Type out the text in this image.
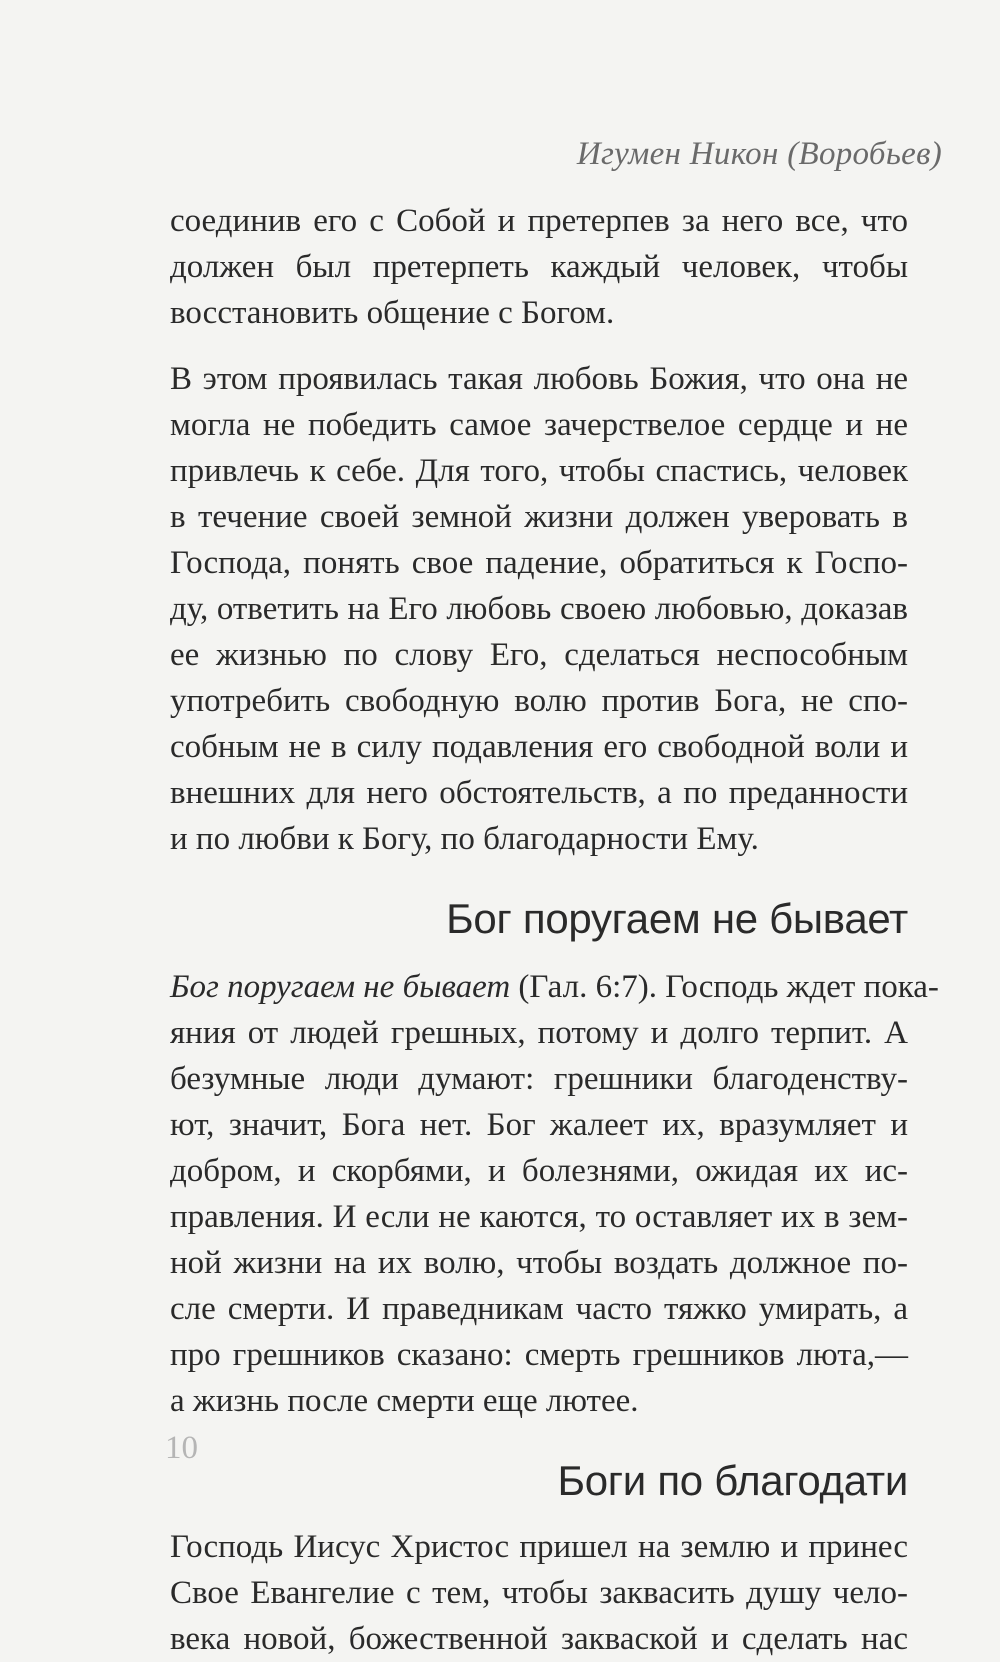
Игумен Никон (Воробьев)

соединив его с Собой и претерпев за него все, что
должен был претерпеть каждый человек, чтобы
восстановить общение с Богом.

В этом проявилась такая любовь Божия, что она не
могла не победить самое зачерствелое сердце и не
привлечь к себе. Для того, чтобы спастись, человек
в течение своей земной жизни должен уверовать в
Господа, понять свое падение, обратиться к Госпо-
ду, ответить на Его любовь своею любовью, доказав
ее жизнью по слову Его, сделаться неспособным
употребить свободную волю против Бога, не спо-
собным не в силу подавления его свободной воли и
внешних для него обстоятельств, а по преданности
и по любви к Богу, по благодарности Ему.

Бог поругаем не бывает

Бог поругаем не бывает (Гал. 6:7). Господь ждет пока-
яния от людей грешных, потому и долго терпит. А
безумные люди думают: грешники благоденству-
ют, значит, Бога нет. Бог жалеет их, вразумляет и
добром, и скорбями, и болезнями, ожидая их ис-
правления. И если не каются, то оставляет их в зем-
ной жизни на их волю, чтобы воздать должное по-
сле смерти. И праведникам часто тяжко умирать, а
про грешников сказано: смерть грешников люта,—
а жизнь после смерти еще лютее.

Боги по благодати

Господь Иисус Христос пришел на землю и принес
Свое Евангелие с тем, чтобы заквасить душу чело-
века новой, божественной закваской и сделать нас

10
